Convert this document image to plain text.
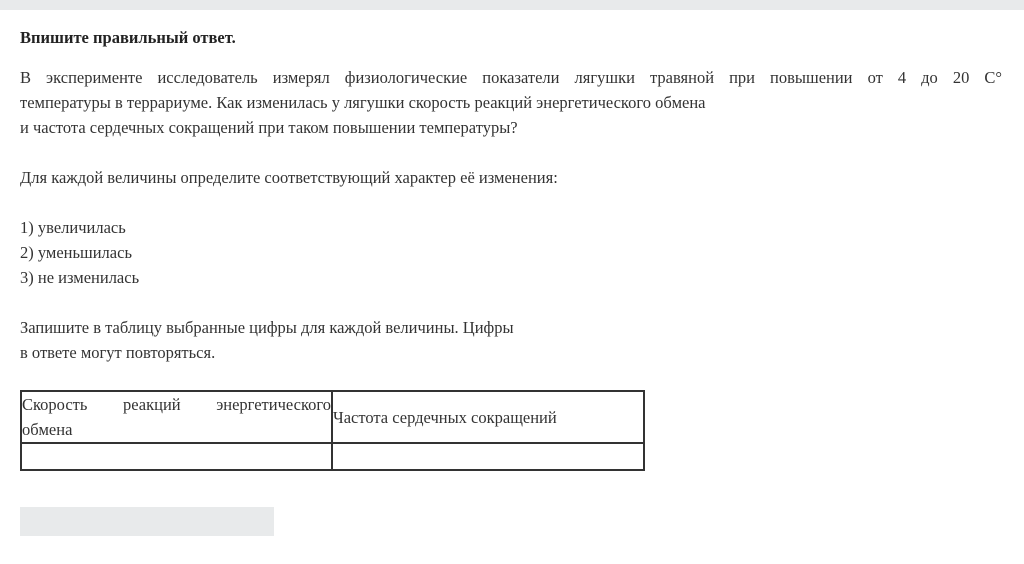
Впишите правильный ответ.

В эксперименте исследователь измерял физиологические показатели лягушки травяной при повышении от 4 до 20 C°
температуры в террариуме. Как изменилась у лягушки скорость реакций энергетического обмена
и частота сердечных сокращений при таком повышении температуры?

Для каждой величины определите соответствующий характер её изменения:

1) увеличилась
2) уменьшилась
3) не изменилась

Запишите в таблицу выбранные цифры для каждой величины. Цифры
в ответе могут повторяться.

Скорость реакций энергетического
обмена	Частота сердечных сокращений
